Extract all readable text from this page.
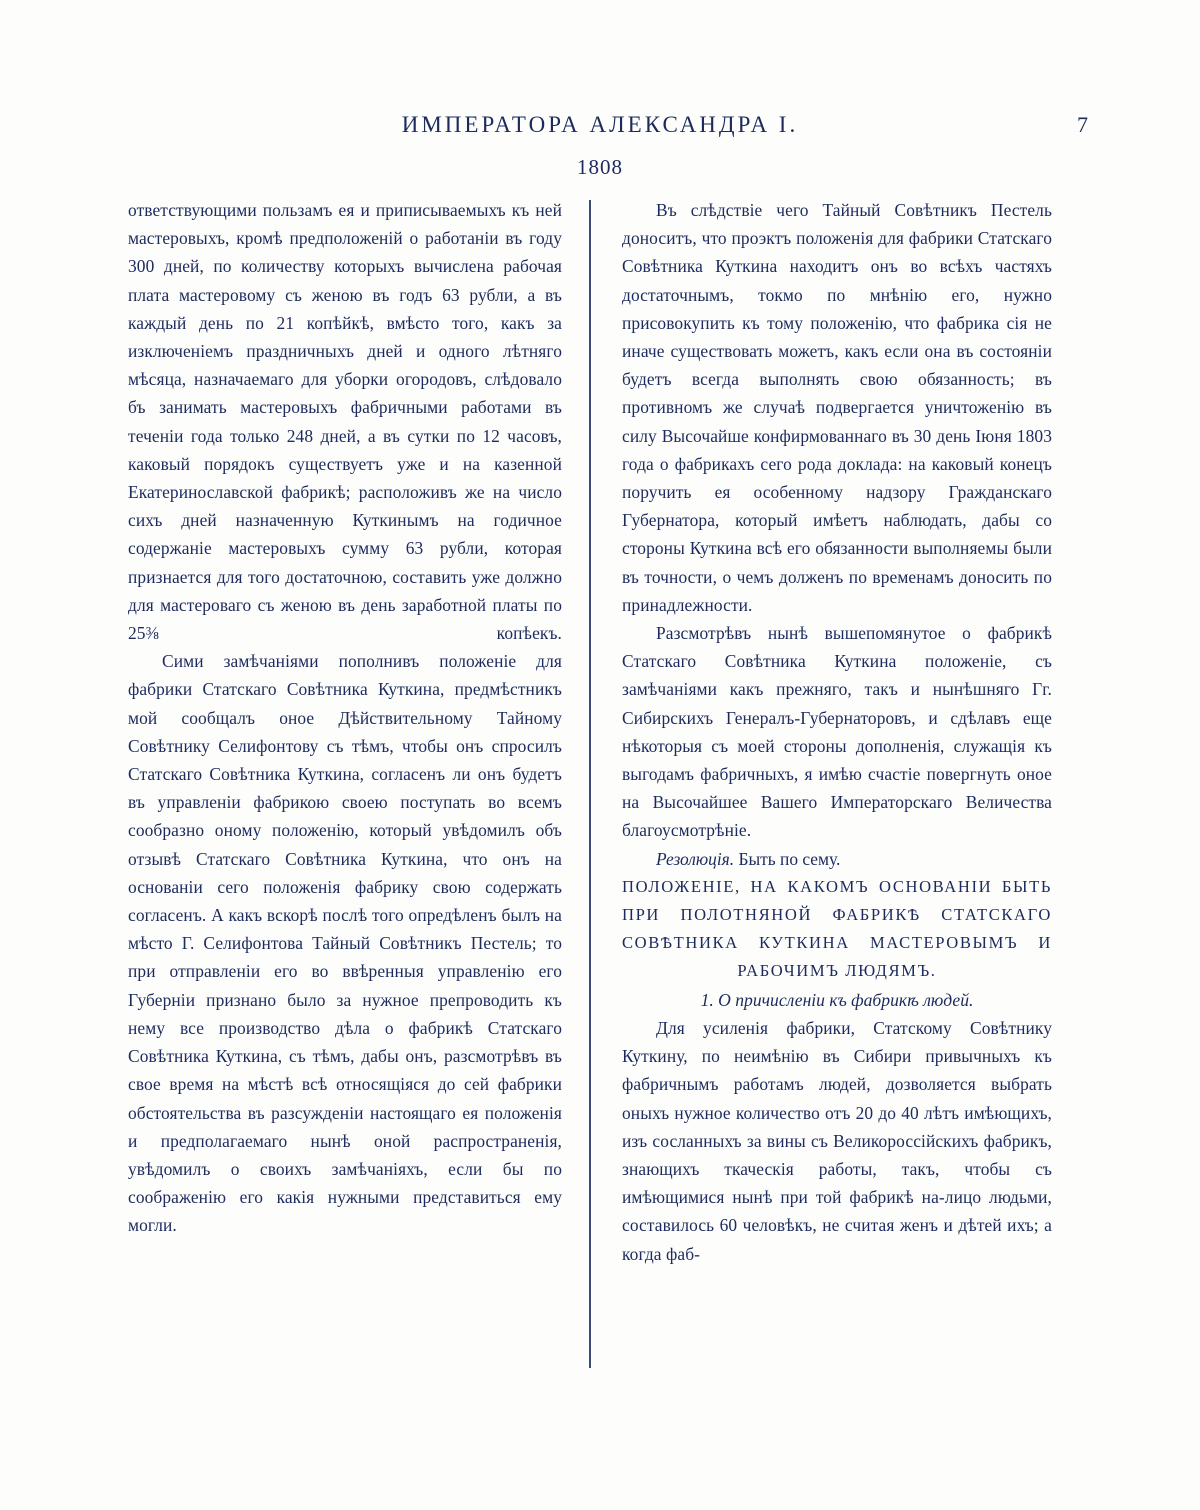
ИМПЕРАТОРА АЛЕКСАНДРА I.	7
1808

ответствующими пользамъ ея и приписываемыхъ къ ней мастеровыхъ, кромѣ предположеній о работаніи въ году 300 дней, по количеству которыхъ вычислена рабочая плата мастеровому съ женою въ годъ 63 рубли, а въ каждый день по 21 копѣйкѣ, вмѣсто того, какъ за изключеніемъ праздничныхъ дней и одного лѣтняго мѣсяца, назначаемаго для уборки огородовъ, слѣдовало бъ занимать мастеровыхъ фабричными работами въ теченіи года только 248 дней, а въ сутки по 12 часовъ, каковый порядокъ существуетъ уже и на казенной Екатеринославской фабрикѣ; расположивъ же на число сихъ дней назначенную Куткинымъ на годичное содержаніе мастеровыхъ сумму 63 рубли, которая признается для того достаточною, составить уже должно для мастероваго съ женою въ день заработной платы по 25⅜ копѣекъ.

Сими замѣчаніями пополнивъ положеніе для фабрики Статскаго Совѣтника Куткина, предмѣстникъ мой сообщалъ оное Дѣйствительному Тайному Совѣтнику Селифонтову съ тѣмъ, чтобы онъ спросилъ Статскаго Совѣтника Куткина, согласенъ ли онъ будетъ въ управленіи фабрикою своею поступать во всемъ сообразно оному положенію, который увѣдомилъ объ отзывѣ Статскаго Совѣтника Куткина, что онъ на основаніи сего положенія фабрику свою содержать согласенъ. А какъ вскорѣ послѣ того опредѣленъ былъ на мѣсто Г. Селифонтова Тайный Совѣтникъ Пестель; то при отправленіи его во ввѣренныя управленію его Губерніи признано было за нужное препроводить къ нему все производство дѣла о фабрикѣ Статскаго Совѣтника Куткина, съ тѣмъ, дабы онъ, разсмотрѣвъ въ свое время на мѣстѣ всѣ относящіяся до сей фабрики обстоятельства въ разсужденіи настоящаго ея положенія и предполагаемаго нынѣ оной распространенія, увѣдомилъ о своихъ замѣчаніяхъ, если бы по соображенію его какія нужными представиться ему могли.

Въ слѣдствіе чего Тайный Совѣтникъ Пестель доноситъ, что проэктъ положенія для фабрики Статскаго Совѣтника Куткина находитъ онъ во всѣхъ частяхъ достаточнымъ, токмо по мнѣнію его, нужно присовокупить къ тому положенію, что фабрика сія не иначе существовать можетъ, какъ если она въ состояніи будетъ всегда выполнять свою обязанность; въ противномъ же случаѣ подвергается уничтоженію въ силу Высочайше конфирмованнаго въ 30 день Іюня 1803 года о фабрикахъ сего рода доклада: на каковый конецъ поручить ея особенному надзору Гражданскаго Губернатора, который имѣетъ наблюдать, дабы со стороны Куткина всѣ его обязанности выполняемы были въ точности, о чемъ долженъ по временамъ доносить по принадлежности.

Разсмотрѣвъ нынѣ вышепомянутое о фабрикѣ Статскаго Совѣтника Куткина положеніе, съ замѣчаніями какъ прежняго, такъ и нынѣшняго Гг. Сибирскихъ Генералъ-Губернаторовъ, и сдѣлавъ еще нѣкоторыя съ моей стороны дополненія, служащія къ выгодамъ фабричныхъ, я имѣю счастіе повергнуть оное на Высочайшее Вашего Императорскаго Величества благоусмотрѣніе.

Резолюція. Быть по сему.
ПОЛОЖЕНІЕ, НА КАКОМЪ ОСНОВАНІИ БЫТЬ ПРИ ПОЛОТНЯНОЙ ФАБРИКѢ СТАТСКАГО СОВѢТНИКА КУТКИНА МАСТЕРОВЫМЪ И РАБОЧИМЪ ЛЮДЯМЪ.
1. О причисленіи къ фабрикѣ людей.

Для усиленія фабрики, Статскому Совѣтнику Куткину, по неимѣнію въ Сибири привычныхъ къ фабричнымъ работамъ людей, дозволяется выбрать оныхъ нужное количество отъ 20 до 40 лѣтъ имѣющихъ, изъ сосланныхъ за вины съ Великороссійскихъ фабрикъ, знающихъ ткаческія работы, такъ, чтобы съ имѣющимися нынѣ при той фабрикѣ на-лицо людьми, составилось 60 человѣкъ, не считая женъ и дѣтей ихъ; а когда фаб-
